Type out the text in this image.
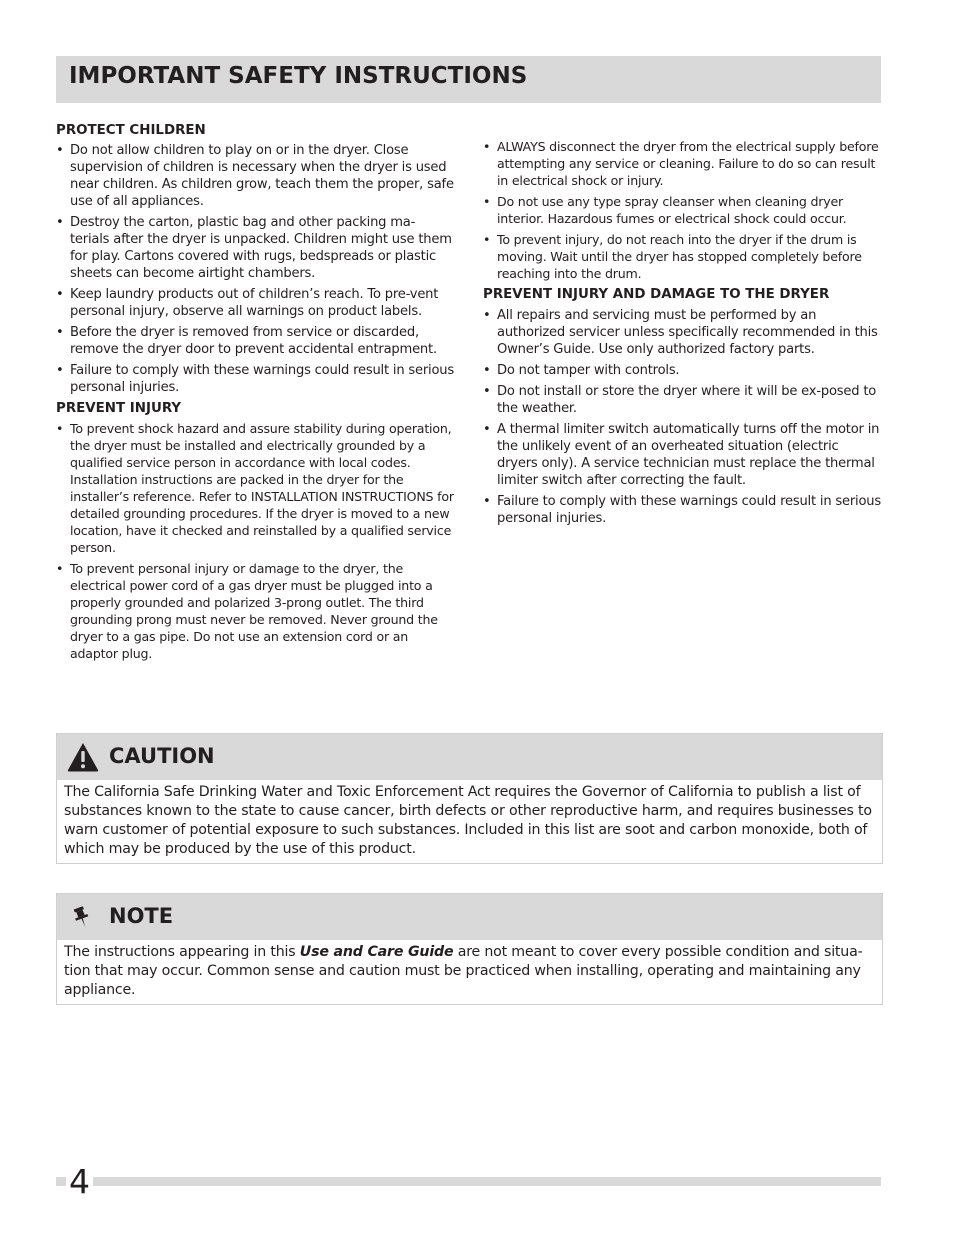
IMPORTANT SAFETY INSTRUCTIONS
PROTECT CHILDREN
• Do not allow children to play on or in the dryer. Close supervision of children is necessary when the dryer is used near children. As children grow, teach them the proper, safe use of all appliances.
• Destroy the carton, plastic bag and other packing ma-terials after the dryer is unpacked. Children might use them for play. Cartons covered with rugs, bedspreads or plastic sheets can become airtight chambers.
• Keep laundry products out of children’s reach. To pre-vent personal injury, observe all warnings on product labels.
• Before the dryer is removed from service or discarded, remove the dryer door to prevent accidental entrapment.
• Failure to comply with these warnings could result in serious personal injuries.
PREVENT INJURY
• To prevent shock hazard and assure stability during operation, the dryer must be installed and electrically grounded by a qualified service person in accordance with local codes. Installation instructions are packed in the dryer for the installer’s reference. Refer to INSTALLATION INSTRUCTIONS for detailed grounding procedures. If the dryer is moved to a new location, have it checked and reinstalled by a qualified service person.
• To prevent personal injury or damage to the dryer, the electrical power cord of a gas dryer must be plugged into a properly grounded and polarized 3-prong outlet. The third grounding prong must never be removed. Never ground the dryer to a gas pipe. Do not use an extension cord or an adaptor plug.
• ALWAYS disconnect the dryer from the electrical supply before attempting any service or cleaning. Failure to do so can result in electrical shock or injury.
• Do not use any type spray cleanser when cleaning dryer interior. Hazardous fumes or electrical shock could occur.
• To prevent injury, do not reach into the dryer if the drum is moving. Wait until the dryer has stopped completely before reaching into the drum.
PREVENT INJURY AND DAMAGE TO THE DRYER
• All repairs and servicing must be performed by an authorized servicer unless specifically recommended in this Owner’s Guide. Use only authorized factory parts.
• Do not tamper with controls.
• Do not install or store the dryer where it will be ex-posed to the weather.
• A thermal limiter switch automatically turns off the motor in the unlikely event of an overheated situation (electric dryers only). A service technician must replace the thermal limiter switch after correcting the fault.
• Failure to comply with these warnings could result in serious personal injuries.
CAUTION
The California Safe Drinking Water and Toxic Enforcement Act requires the Governor of California to publish a list of substances known to the state to cause cancer, birth defects or other reproductive harm, and requires businesses to warn customer of potential exposure to such substances. Included in this list are soot and carbon monoxide, both of which may be produced by the use of this product.
NOTE
The instructions appearing in this Use and Care Guide are not meant to cover every possible condition and situa-tion that may occur. Common sense and caution must be practiced when installing, operating and maintaining any appliance.
4
